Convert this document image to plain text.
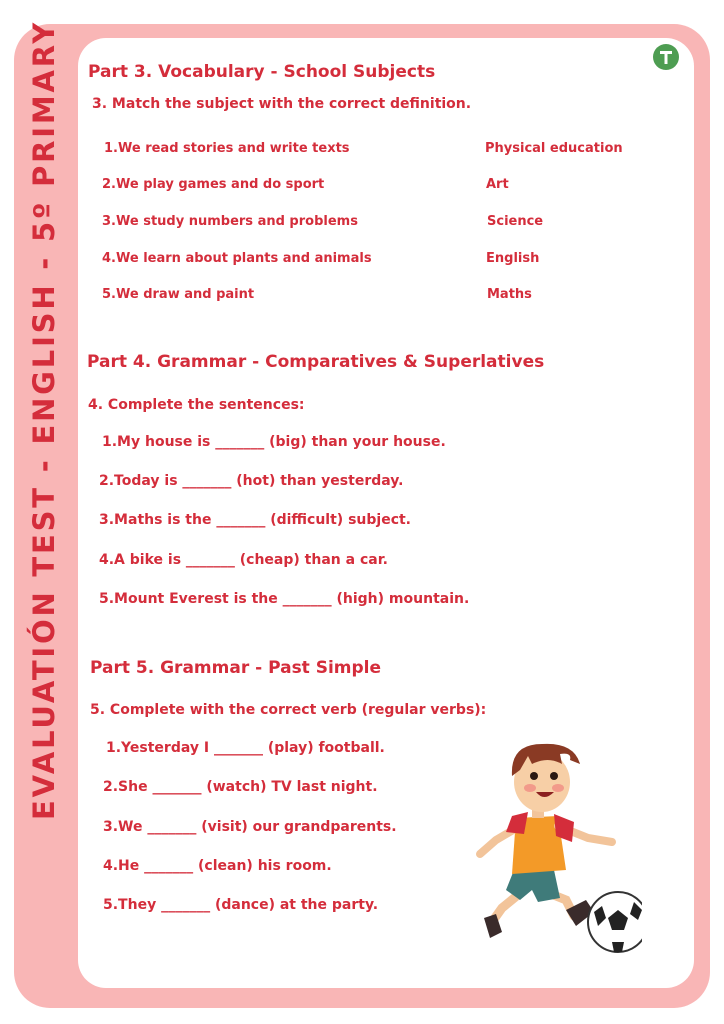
EVALUATIÓN TEST - ENGLISH - 5º PRIMARY Part 3. Vocabulary - School Subjects
3. Match the subject with the correct definition.
1.We read stories and write texts
2.We play games and do sport
3.We study numbers and problems
4.We learn about plants and animals
5.We draw and paint
Physical education
Art
Science
English
Maths
Part 4. Grammar - Comparatives & Superlatives
4. Complete the sentences:
1.My house is _______ (big) than your house.
2.Today is _______ (hot) than yesterday.
3.Maths is the _______ (difficult) subject.
4.A bike is _______ (cheap) than a car.
5.Mount Everest is the _______ (high) mountain.
Part 5. Grammar - Past Simple
5. Complete with the correct verb (regular verbs):
1.Yesterday I _______ (play) football.
2.She _______ (watch) TV last night.
3.We _______ (visit) our grandparents.
4.He _______ (clean) his room.
5.They _______ (dance) at the party.
